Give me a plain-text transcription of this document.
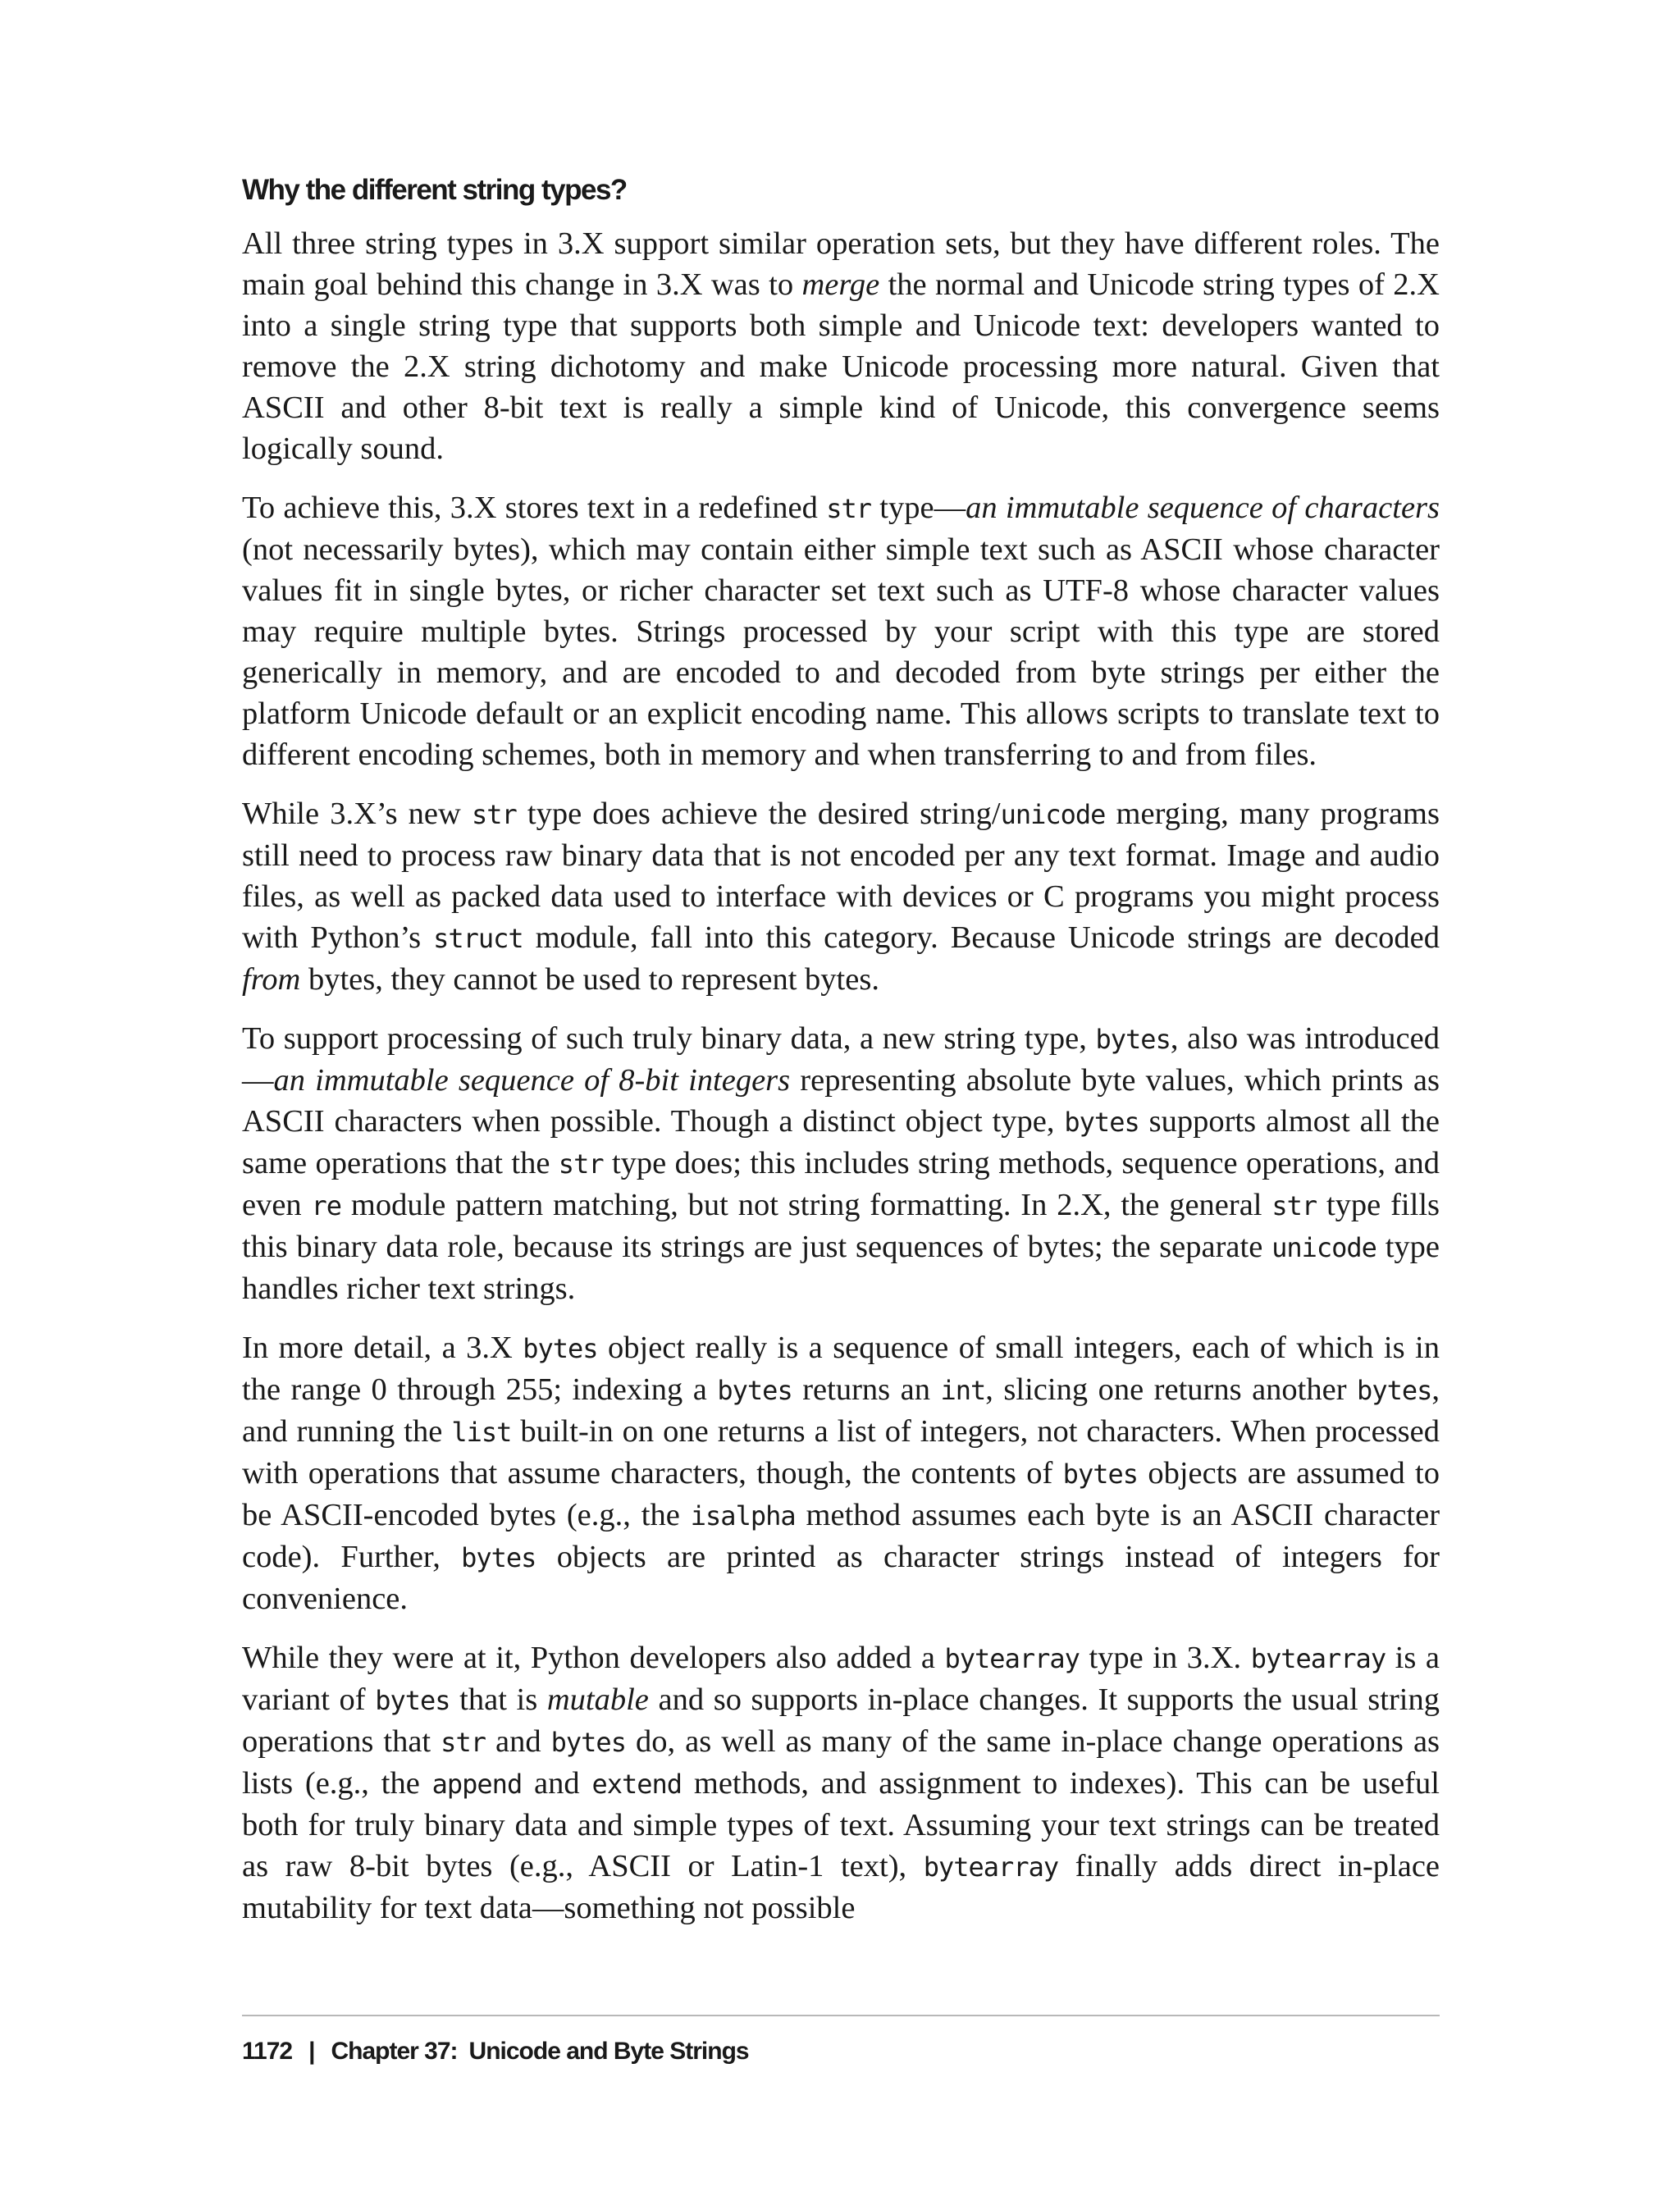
Why the different string types?

All three string types in 3.X support similar operation sets, but they have different roles. The main goal behind this change in 3.X was to merge the normal and Unicode string types of 2.X into a single string type that supports both simple and Unicode text: developers wanted to remove the 2.X string dichotomy and make Unicode processing more natural. Given that ASCII and other 8-bit text is really a simple kind of Unicode, this convergence seems logically sound.

To achieve this, 3.X stores text in a redefined str type—an immutable sequence of characters (not necessarily bytes), which may contain either simple text such as ASCII whose character values fit in single bytes, or richer character set text such as UTF-8 whose character values may require multiple bytes. Strings processed by your script with this type are stored generically in memory, and are encoded to and decoded from byte strings per either the platform Unicode default or an explicit encoding name. This allows scripts to translate text to different encoding schemes, both in memory and when transferring to and from files.

While 3.X’s new str type does achieve the desired string/unicode merging, many programs still need to process raw binary data that is not encoded per any text format. Image and audio files, as well as packed data used to interface with devices or C programs you might process with Python’s struct module, fall into this category. Because Unicode strings are decoded from bytes, they cannot be used to represent bytes.

To support processing of such truly binary data, a new string type, bytes, also was introduced—an immutable sequence of 8-bit integers representing absolute byte values, which prints as ASCII characters when possible. Though a distinct object type, bytes supports almost all the same operations that the str type does; this includes string methods, sequence operations, and even re module pattern matching, but not string formatting. In 2.X, the general str type fills this binary data role, because its strings are just sequences of bytes; the separate unicode type handles richer text strings.

In more detail, a 3.X bytes object really is a sequence of small integers, each of which is in the range 0 through 255; indexing a bytes returns an int, slicing one returns another bytes, and running the list built-in on one returns a list of integers, not characters. When processed with operations that assume characters, though, the contents of bytes objects are assumed to be ASCII-encoded bytes (e.g., the isalpha method assumes each byte is an ASCII character code). Further, bytes objects are printed as character strings instead of integers for convenience.

While they were at it, Python developers also added a bytearray type in 3.X. bytearray is a variant of bytes that is mutable and so supports in-place changes. It supports the usual string operations that str and bytes do, as well as many of the same in-place change operations as lists (e.g., the append and extend methods, and assignment to indexes). This can be useful both for truly binary data and simple types of text. Assuming your text strings can be treated as raw 8-bit bytes (e.g., ASCII or Latin-1 text), bytearray finally adds direct in-place mutability for text data—something not possible

1172 | Chapter 37: Unicode and Byte Strings
